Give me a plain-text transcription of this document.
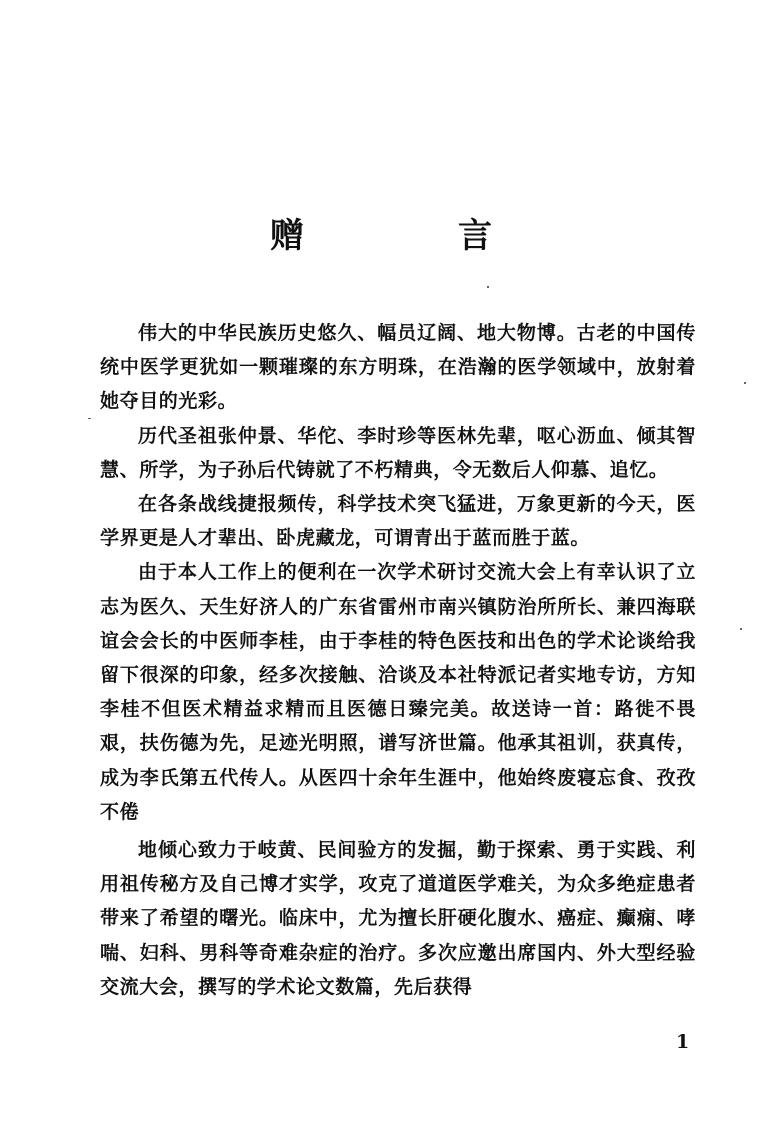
赠　言

伟大的中华民族历史悠久、幅员辽阔、地大物博。古老的中国传统中医学更犹如一颗璀璨的东方明珠，在浩瀚的医学领域中，放射着她夺目的光彩。

历代圣祖张仲景、华佗、李时珍等医林先辈，呕心沥血、倾其智慧、所学，为子孙后代铸就了不朽精典，令无数后人仰慕、追忆。

在各条战线捷报频传，科学技术突飞猛进，万象更新的今天，医学界更是人才辈出、卧虎藏龙，可谓青出于蓝而胜于蓝。

由于本人工作上的便利在一次学术研讨交流大会上有幸认识了立志为医久、天生好济人的广东省雷州市南兴镇防治所所长、兼四海联谊会会长的中医师李桂，由于李桂的特色医技和出色的学术论谈给我留下很深的印象，经多次接触、洽谈及本社特派记者实地专访，方知李桂不但医术精益求精而且医德日臻完美。故送诗一首：路徙不畏艰，扶伤德为先，足迹光明照，谱写济世篇。他承其祖训，获真传，成为李氏第五代传人。从医四十余年生涯中，他始终废寝忘食、孜孜不倦

地倾心致力于岐黄、民间验方的发掘，勤于探索、勇于实践、利用祖传秘方及自己博才实学，攻克了道道医学难关，为众多绝症患者带来了希望的曙光。临床中，尤为擅长肝硬化腹水、癌症、癫痫、哮喘、妇科、男科等奇难杂症的治疗。多次应邀出席国内、外大型经验交流大会，撰写的学术论文数篇，先后获得

1
